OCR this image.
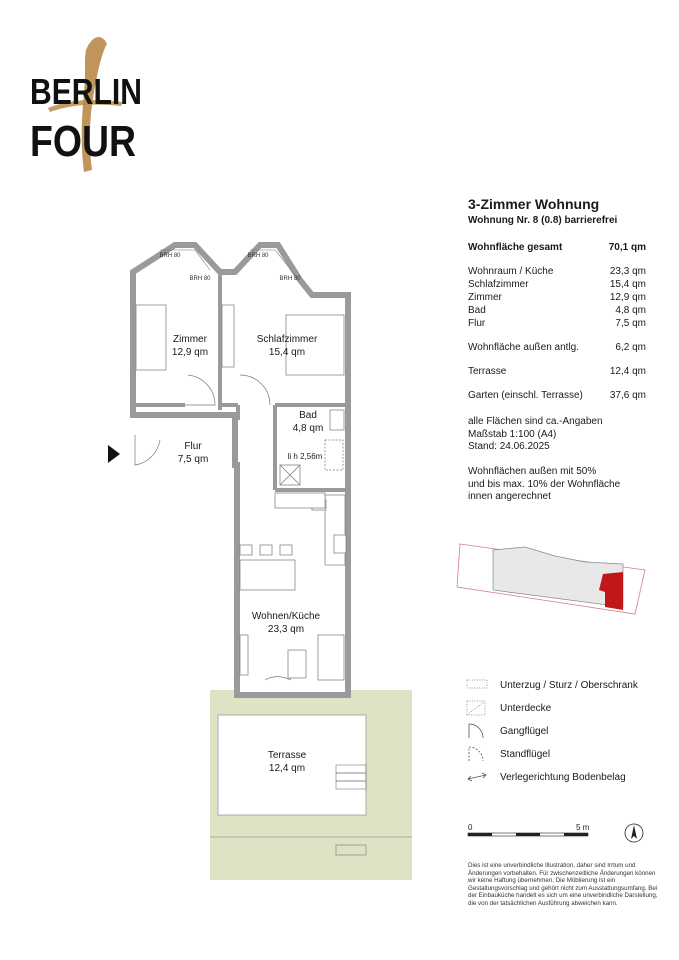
BERLIN
FOUR
Zimmer
12,9 qm
Schlafzimmer
15,4 qm
Bad
4,8 qm
li h 2,56m
Flur
7,5 qm
Wohnen/Küche
23,3 qm
Terrasse
12,4 qm
BRH 80
BRH 80
BRH 80
BRH 80
3-Zimmer Wohnung
Wohnung Nr. 8 (0.8) barrierefrei
Wohnfläche gesamt	70,1 qm
Wohnraum / Küche	23,3 qm
Schlafzimmer	15,4 qm
Zimmer	12,9 qm
Bad	4,8 qm
Flur	7,5 qm
Wohnfläche außen antlg.	6,2 qm
Terrasse	12,4 qm
Garten (einschl. Terrasse)	37,6 qm
alle Flächen sind ca.-Angaben
Maßstab 1:100 (A4)
Stand: 24.06.2025
Wohnflächen außen mit 50%
und bis max. 10% der Wohnfläche
innen angerechnet
Unterzug / Sturz / Oberschrank
Unterdecke
Gangflügel
Standflügel
Verlegerichtung Bodenbelag
0	5 m
Dies ist eine unverbindliche Illustration, daher sind Irrtum und Änderungen vorbehalten. Für zwischenzeitliche Änderungen können wir keine Haftung übernehmen. Die Möblierung ist ein Gestaltungsvorschlag und gehört nicht zum Ausstattungsumfang. Bei der Einbauküche handelt es sich um eine unverbindliche Darstellung, die von der tatsächlichen Ausführung abweichen kann.
